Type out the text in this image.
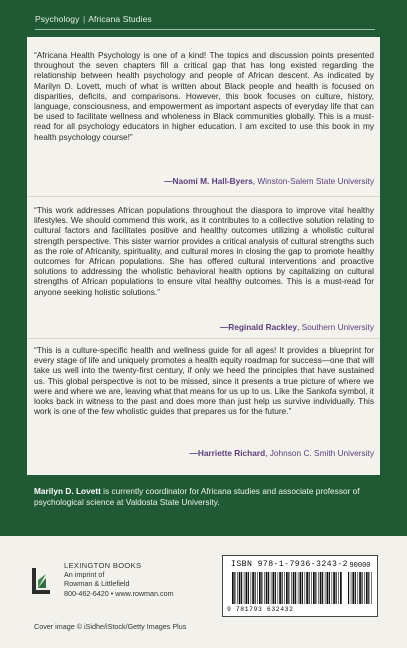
Psychology | Africana Studies

“Africana Health Psychology is one of a kind! The topics and discussion points presented throughout the seven chapters fill a critical gap that has long existed regarding the relationship between health psychology and people of African descent. As indicated by Marilyn D. Lovett, much of what is written about Black people and health is focused on disparities, deficits, and comparisons. However, this book focuses on culture, history, language, consciousness, and empowerment as important aspects of everyday life that can be used to facilitate wellness and wholeness in Black communities globally. This is a must-read for all psychology educators in higher education. I am excited to use this book in my health psychology course!”

—Naomi M. Hall-Byers, Winston-Salem State University

“This work addresses African populations throughout the diaspora to improve vital healthy lifestyles. We should commend this work, as it contributes to a collective solution relating to cultural factors and facilitates positive and healthy outcomes utilizing a wholistic cultural strength perspective. This sister warrior provides a critical analysis of cultural strengths such as the role of Africanity, spirituality, and cultural mores in closing the gap to promote healthy outcomes for African populations. She has offered cultural interventions and proactive solutions to addressing the wholistic behavioral health options by capitalizing on cultural strengths of African populations to ensure vital healthy outcomes. This is a must-read for anyone seeking holistic solutions.”

—Reginald Rackley, Southern University

“This is a culture-specific health and wellness guide for all ages! It provides a blueprint for every stage of life and uniquely promotes a health equity roadmap for success—one that will take us well into the twenty-first century, if only we heed the principles that have sustained us. This global perspective is not to be missed, since it presents a true picture of where we were and where we are, leaving what that means for us up to us. Like the Sankofa symbol, it looks back in witness to the past and does more than just help us survive individually. This work is one of the few wholistic guides that prepares us for the future.”

—Harriette Richard, Johnson C. Smith University

Marilyn D. Lovett is currently coordinator for Africana studies and associate professor of psychological science at Valdosta State University.

LEXINGTON BOOKS
An imprint of
Rowman & Littlefield
800-462-6420 • www.rowman.com
Cover image © iSidhe/iStock/Getty Images Plus
ISBN 978-1-7936-3243-2 90000
9 781793 632432
